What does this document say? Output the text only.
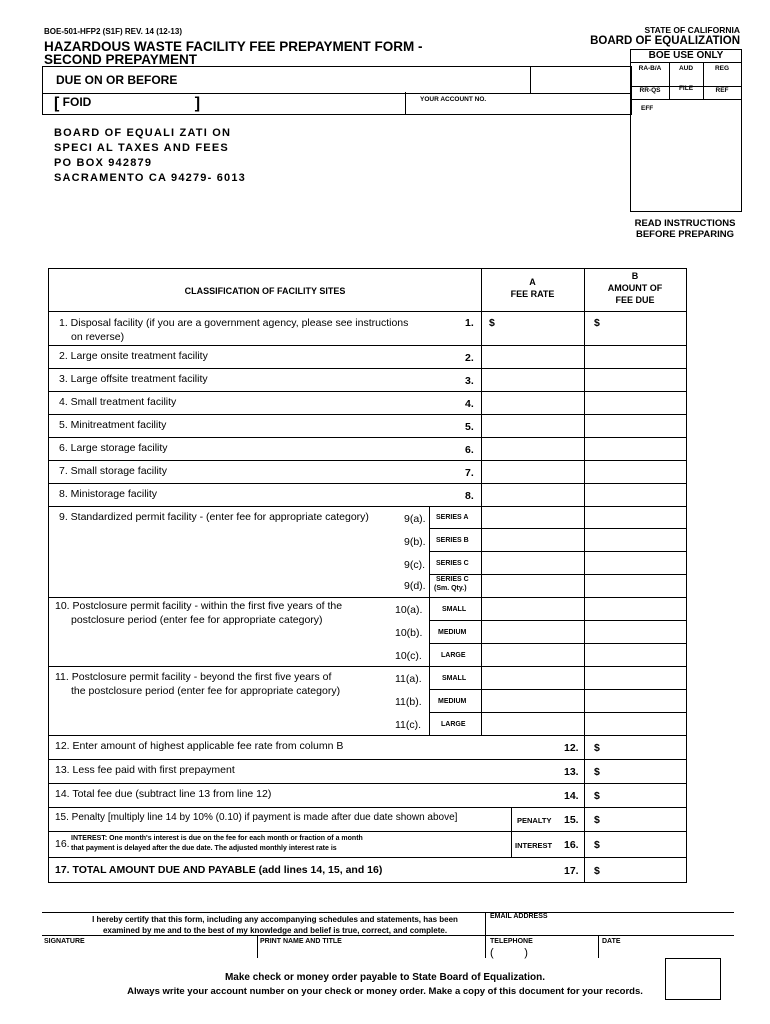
BOE-501-HFP2 (S1F) REV. 14 (12-13)
HAZARDOUS WASTE FACILITY FEE PREPAYMENT FORM -
SECOND PREPAYMENT
STATE OF CALIFORNIA
BOARD OF EQUALIZATION
BOE USE ONLY
RA-B/A	AUD	REG
RR-QS	FILE	REF
EFF
DUE ON OR BEFORE
[ FOID	]	YOUR ACCOUNT NO.
BOARD OF EQUALI ZATI ON
SPECI AL TAXES AND FEES
PO BOX 942879
SACRAMENTO CA 94279- 6013
READ INSTRUCTIONS
BEFORE PREPARING
CLASSIFICATION OF FACILITY SITES
A
FEE RATE
B
AMOUNT OF
FEE DUE
1. Disposal facility (if you are a government agency, please see instructions
on reverse)
1. $	$
2. Large onsite treatment facility	2.
3. Large offsite treatment facility	3.
4. Small treatment facility	4.
5. Minitreatment facility	5.
6. Large storage facility	6.
7. Small storage facility	7.
8. Ministorage facility	8.
9. Standardized permit facility - (enter fee for appropriate category)	9(a). SERIES A
9(b). SERIES B
9(c). SERIES C
9(d).
SERIES C
(Sm. Qty.)
10. Postclosure permit facility - within the first five years of the
postclosure period (enter fee for appropriate category)
10(a).	SMALL
10(b). MEDIUM
10(c).	LARGE
11. Postclosure permit facility - beyond the first five years of
the postclosure period (enter fee for appropriate category)
11(a).	SMALL
11(b). MEDIUM
11(c).	LARGE
12. Enter amount of highest applicable fee rate from column B	12. $
13. Less fee paid with first prepayment	13. $
14. Total fee due (subtract line 13 from line 12)	14. $
15. Penalty [multiply line 14 by 10% (0.10) if payment is made after due date shown above]	PENALTY 15. $
16. INTEREST: One month's interest is due on the fee for each month or fraction of a month
that payment is delayed after the due date. The adjusted monthly interest rate is	INTEREST 16. $
17. TOTAL AMOUNT DUE AND PAYABLE (add lines 14, 15, and 16)	17. $
I hereby certify that this form, including any accompanying schedules and statements, has been
examined by me and to the best of my knowledge and belief is true, correct, and complete.
EMAIL ADDRESS
SIGNATURE	PRINT NAME AND TITLE	TELEPHONE
(          )
DATE
Make check or money order payable to State Board of Equalization.
Always write your account number on your check or money order. Make a copy of this document for your records.
